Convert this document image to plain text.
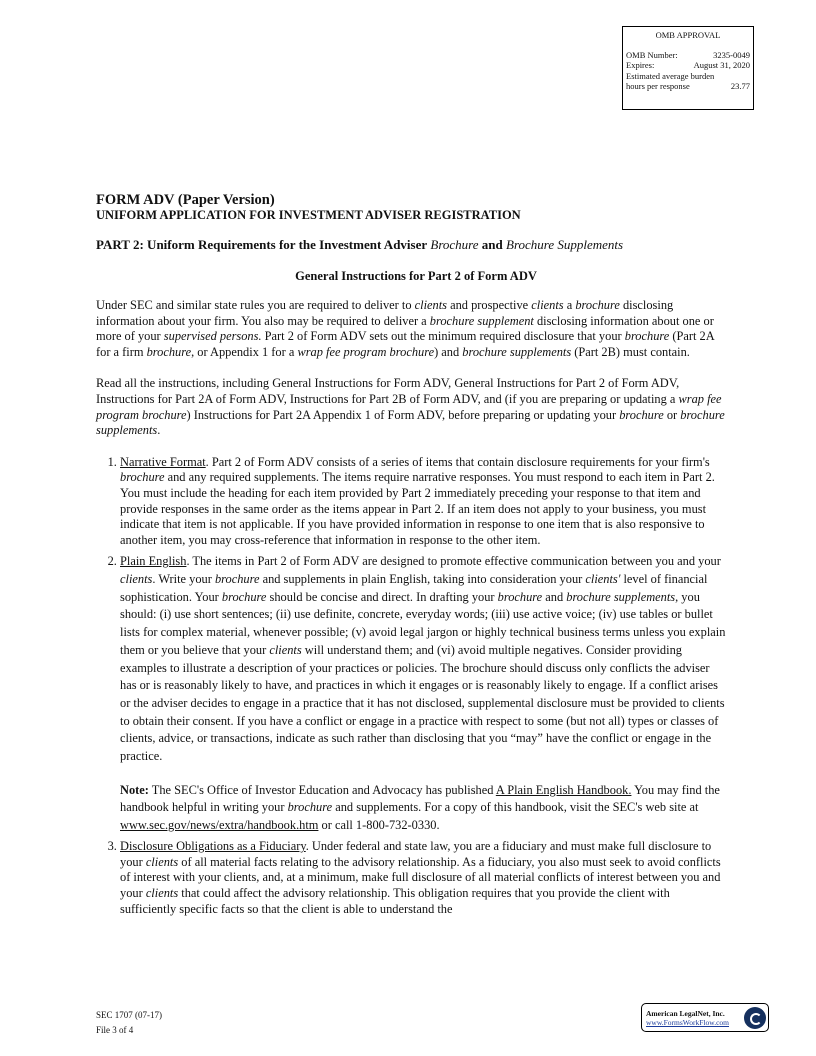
OMB APPROVAL
OMB Number:	3235-0049
Expires:	August 31, 2020
Estimated average burden
hours per response	23.77
FORM ADV (Paper Version)
UNIFORM APPLICATION FOR INVESTMENT ADVISER REGISTRATION
PART 2: Uniform Requirements for the Investment Adviser Brochure and Brochure Supplements
General Instructions for Part 2 of Form ADV

Under SEC and similar state rules you are required to deliver to clients and prospective clients a brochure disclosing information about your firm. You also may be required to deliver a brochure supplement disclosing information about one or more of your supervised persons. Part 2 of Form ADV sets out the minimum required disclosure that your brochure (Part 2A for a firm brochure, or Appendix 1 for a wrap fee program brochure) and brochure supplements (Part 2B) must contain.

Read all the instructions, including General Instructions for Form ADV, General Instructions for Part 2 of Form ADV, Instructions for Part 2A of Form ADV, Instructions for Part 2B of Form ADV, and (if you are preparing or updating a wrap fee program brochure) Instructions for Part 2A Appendix 1 of Form ADV, before preparing or updating your brochure or brochure supplements.

1. Narrative Format. Part 2 of Form ADV consists of a series of items that contain disclosure requirements for your firm's brochure and any required supplements. The items require narrative responses. You must respond to each item in Part 2. You must include the heading for each item provided by Part 2 immediately preceding your response to that item and provide responses in the same order as the items appear in Part 2. If an item does not apply to your business, you must indicate that item is not applicable. If you have provided information in response to one item that is also responsive to another item, you may cross-reference that information in response to the other item.
2. Plain English. The items in Part 2 of Form ADV are designed to promote effective communication between you and your clients. Write your brochure and supplements in plain English, taking into consideration your clients' level of financial sophistication. Your brochure should be concise and direct. In drafting your brochure and brochure supplements, you should: (i) use short sentences; (ii) use definite, concrete, everyday words; (iii) use active voice; (iv) use tables or bullet lists for complex material, whenever possible; (v) avoid legal jargon or highly technical business terms unless you explain them or you believe that your clients will understand them; and (vi) avoid multiple negatives. Consider providing examples to illustrate a description of your practices or policies. The brochure should discuss only conflicts the adviser has or is reasonably likely to have, and practices in which it engages or is reasonably likely to engage. If a conflict arises or the adviser decides to engage in a practice that it has not disclosed, supplemental disclosure must be provided to clients to obtain their consent. If you have a conflict or engage in a practice with respect to some (but not all) types or classes of clients, advice, or transactions, indicate as such rather than disclosing that you “may” have the conflict or engage in the practice.
Note: The SEC's Office of Investor Education and Advocacy has published A Plain English Handbook. You may find the handbook helpful in writing your brochure and supplements. For a copy of this handbook, visit the SEC's web site at www.sec.gov/news/extra/handbook.htm or call 1-800-732-0330.
3. Disclosure Obligations as a Fiduciary. Under federal and state law, you are a fiduciary and must make full disclosure to your clients of all material facts relating to the advisory relationship. As a fiduciary, you also must seek to avoid conflicts of interest with your clients, and, at a minimum, make full disclosure of all material conflicts of interest between you and your clients that could affect the advisory relationship. This obligation requires that you provide the client with sufficiently specific facts so that the client is able to understand the
SEC 1707 (07-17)
File 3 of 4
American LegalNet, Inc.
www.FormsWorkFlow.com
